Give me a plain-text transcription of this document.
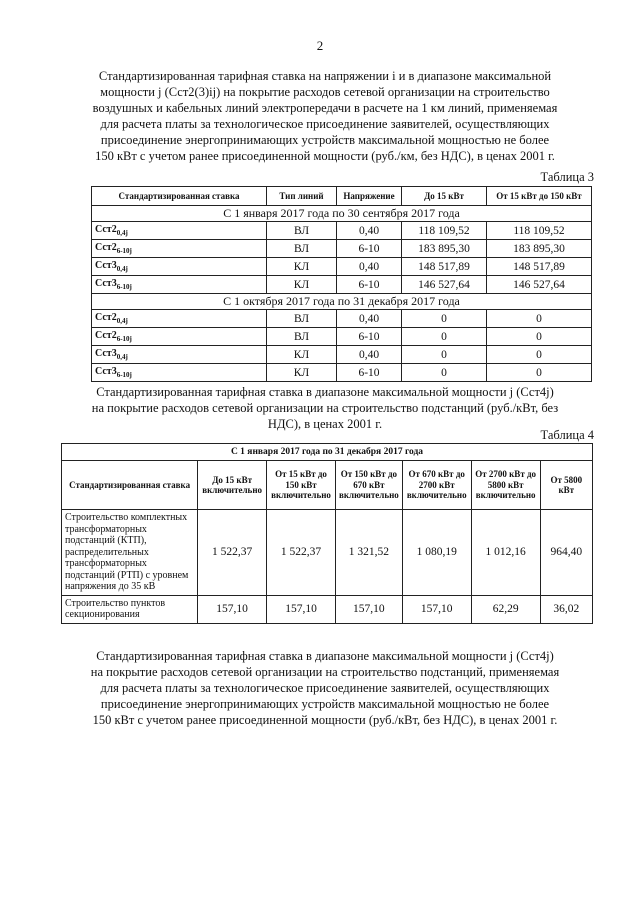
2
Стандартизированная тарифная ставка на напряжении i и в диапазоне максимальной мощности j (Сст2(3)ij) на покрытие расходов сетевой организации на строительство воздушных и кабельных линий электропередачи в расчете на 1 км линий, применяемая для расчета платы за технологическое присоединение заявителей, осуществляющих присоединение энергопринимающих устройств максимальной мощностью не более 150 кВт с учетом ранее присоединенной мощности (руб./км, без НДС), в ценах 2001 г.
Таблица 3
Стандартизированная ставка	Тип линий	Напряжение	До 15 кВт	От 15 кВт до 150 кВт
С 1 января 2017 года по 30 сентября 2017 года				
$Сст2_{0,4j}$	ВЛ	0,40	118 109,52	118 109,52
$Сст2_{6-10j}$	ВЛ	6-10	183 895,30	183 895,30
$Сст3_{0,4j}$	КЛ	0,40	148 517,89	148 517,89
$Сст3_{6-10j}$	КЛ	6-10	146 527,64	146 527,64
С 1 октября 2017 года по 31 декабря 2017 года				
$Сст2_{0,4j}$	ВЛ	0,40	0	0
$Сст2_{6-10j}$	ВЛ	6-10	0	0
$Сст3_{0,4j}$	КЛ	0,40	0	0
$Сст3_{6-10j}$	КЛ	6-10	0	0
Стандартизированная тарифная ставка в диапазоне максимальной мощности j (Сст4j) на покрытие расходов сетевой организации на строительство подстанций (руб./кВт, без НДС), в ценах 2001 г.
Таблица 4
С 1 января 2017 года по 31 декабря 2017 года						
Стандартизированная ставка	До 15 кВт включительно	От 15 кВт до 150 кВт включительно	От 150 кВт до 670 кВт включительно	От 670 кВт до 2700 кВт включительно	От 2700 кВт до 5800 кВт включительно	От 5800 кВт
Строительство комплектных трансформаторных подстанций (КТП), распределительных трансформаторных подстанций (РТП) с уровнем напряжения до 35 кВ	1 522,37	1 522,37	1 321,52	1 080,19	1 012,16	964,40
Строительство пунктов секционирования	157,10	157,10	157,10	157,10	62,29	36,02
Стандартизированная тарифная ставка в диапазоне максимальной мощности j (Сст4j) на покрытие расходов сетевой организации на строительство подстанций, применяемая для расчета платы за технологическое присоединение заявителей, осуществляющих присоединение энергопринимающих устройств максимальной мощностью не более 150 кВт с учетом ранее присоединенной мощности (руб./кВт, без НДС), в ценах 2001 г.
